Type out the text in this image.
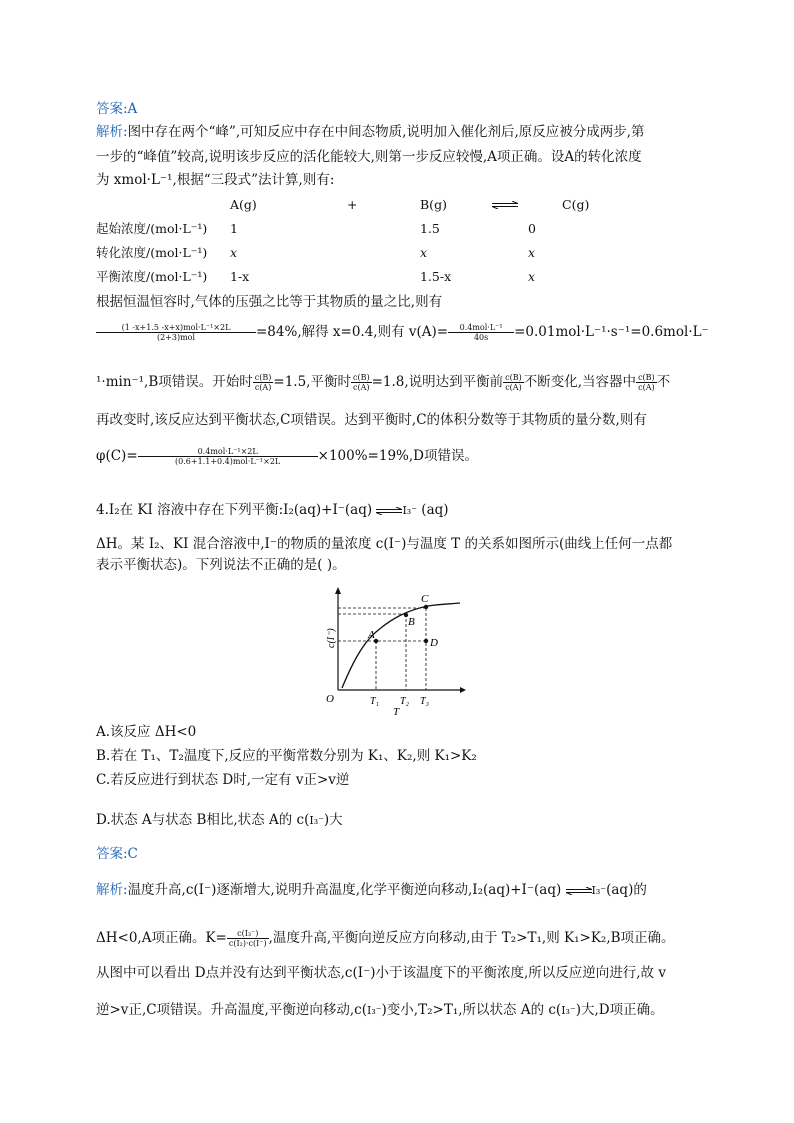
答案:A
解析:图中存在两个“峰”,可知反应中存在中间态物质,说明加入催化剂后,原反应被分成两步,第
一步的“峰值”较高,说明该步反应的活化能较大,则第一步反应较慢,A项正确。设A的转化浓度
为 xmol·L⁻¹,根据“三段式”法计算,则有:
	A(g)	+	B(g)		C(g)
起始浓度/(mol·L⁻¹)	1		1.5		0
转化浓度/(mol·L⁻¹)	x		x		x
平衡浓度/(mol·L⁻¹)	1-x		1.5-x		x
根据恒温恒容时,气体的压强之比等于其物质的量之比,则有
$\frac{\text{(1 -x+1.5 -x+x)mol·L⁻¹×2L}}{\text{(2+3)mol}} =84\%$,解得 x=0.4,则有 $v(A)= \frac{\text{0.4mol·L⁻¹}}{40s} =0.01mol\cdot L^{-1}\cdot s^{-1}=0.6mol\cdot L^-$
¹·min⁻¹,B项错误。开始时 $\frac{c(B)}{c(A)} =1.5$,平衡时 $\frac{c(B)}{c(A)} =1.8$,说明达到平衡前 $\frac{c(B)}{c(A)}$ 不断变化,当容器中 $\frac{c(B)}{c(A)}$ 不
再改变时,该反应达到平衡状态,C项错误。达到平衡时,C的体积分数等于其物质的量分数,则有
$\varphi(C)= \frac{\text{0.4mol·L⁻¹×2L}}{\text{(0.6+1.1+0.4)mol·L⁻¹×2L}} \times 100\%=19\%,D$项错误。
4.I₂在 KI 溶液中存在下列平衡:I₂(aq)+I⁻(aq) ⇌I₃⁻ (aq)
ΔH。某 I₂、KI 混合溶液中,I⁻的物质的量浓度 c(I⁻)与温度 T 的关系如图所示(曲线上任何一点都
表示平衡状态)。下列说法不正确的是( )。
O
c(I⁻)
T
A
B
C
D
T₁ T₂ T₃
A.该反应 ΔH<0
B.若在 T₁、T₂温度下,反应的平衡常数分别为 K₁、K₂,则 K₁>K₂
C.若反应进行到状态 D时,一定有 v正>v逆
D.状态 A与状态 B相比,状态 A的 c(I₃⁻)大
答案:C
解析:温度升高,c(I⁻)逐渐增大,说明升高温度,化学平衡逆向移动,I₂(aq)+I⁻(aq) ⇌I₃⁻(aq)的
ΔH<0,A项正确。$K= \frac{\text{c(I₃⁻)}}{\text{c(I₂)·c(I⁻)}}$ ,温度升高,平衡向逆反应方向移动,由于 T₂>T₁,则 K₁>K₂,B项正确。
从图中可以看出 D点并没有达到平衡状态,c(I⁻)小于该温度下的平衡浓度,所以反应逆向进行,故 v
逆>v正,C项错误。升高温度,平衡逆向移动,c(I₃⁻)变小,T₂>T₁,所以状态 A的 c(I₃⁻)大,D项正确。
